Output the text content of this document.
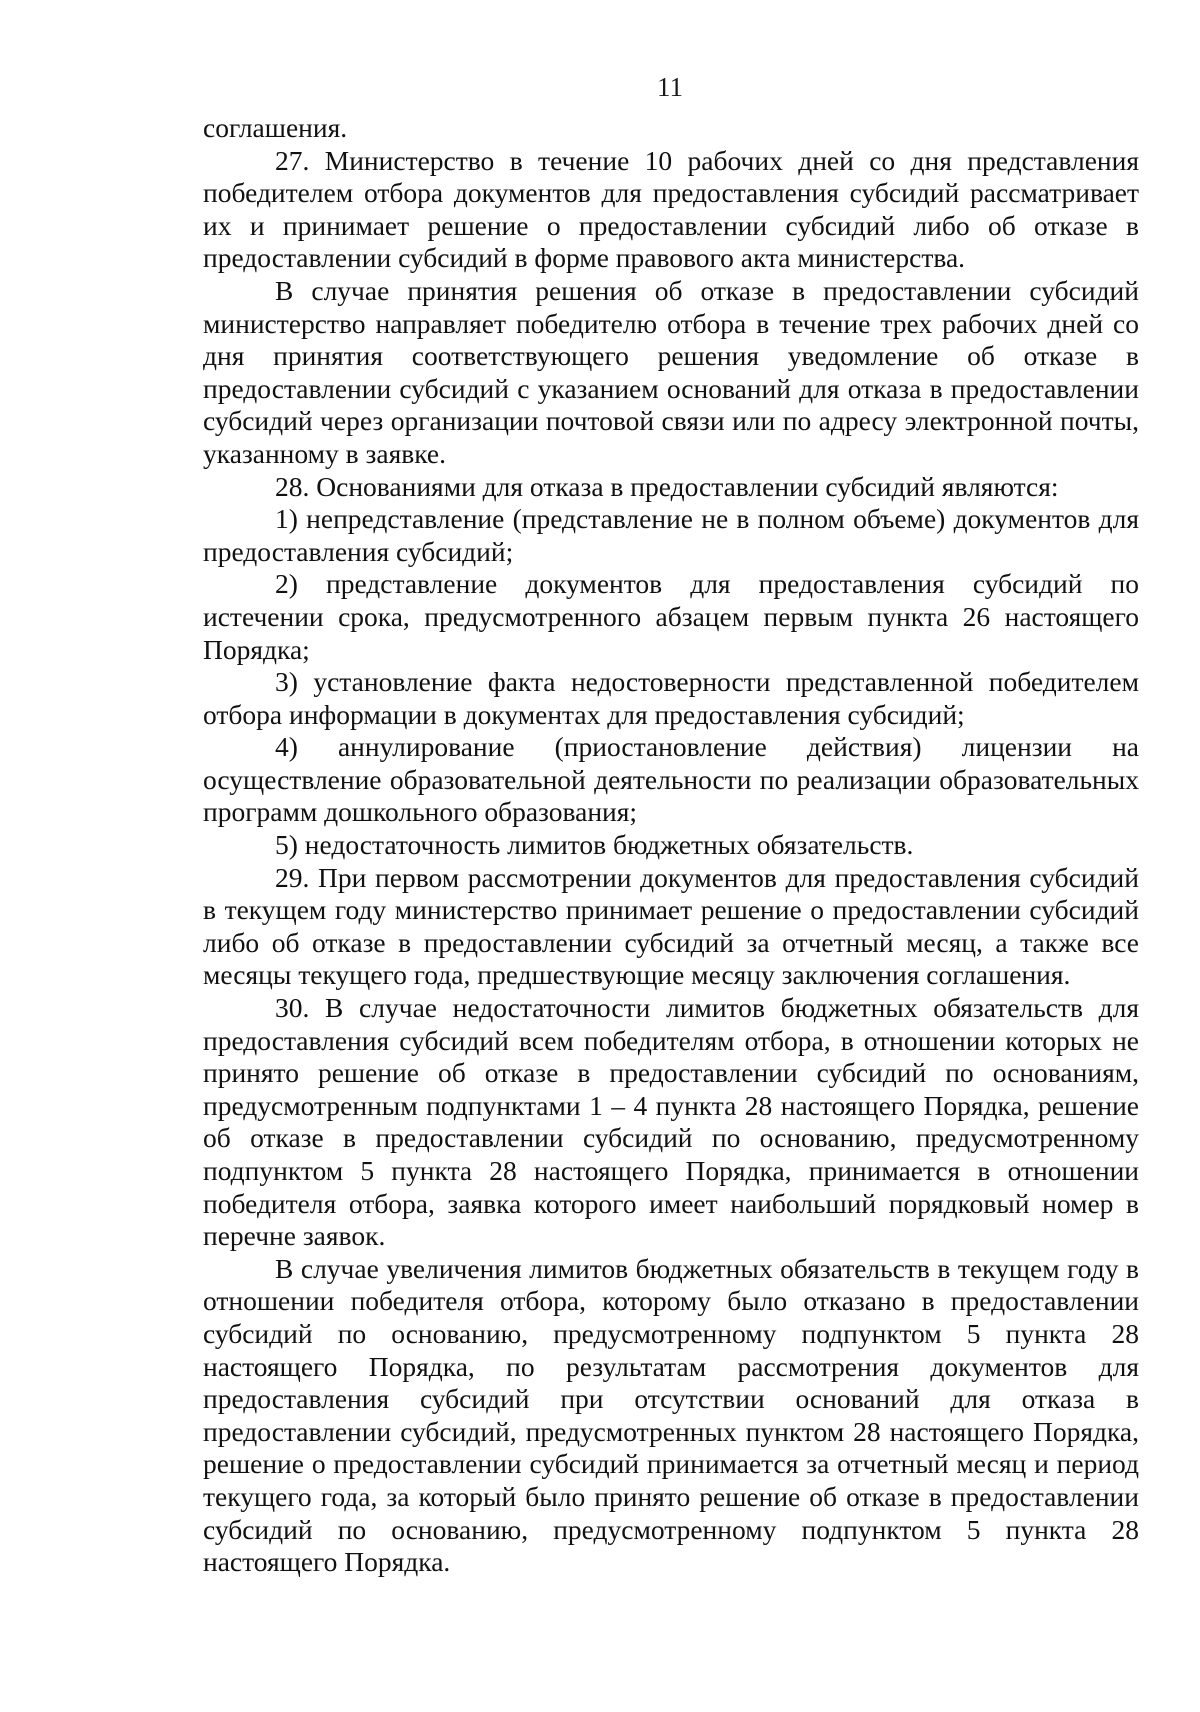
11

соглашения.

27. Министерство в течение 10 рабочих дней со дня представления победителем отбора документов для предоставления субсидий рассматривает их и принимает решение о предоставлении субсидий либо об отказе в предоставлении субсидий в форме правового акта министерства.

В случае принятия решения об отказе в предоставлении субсидий министерство направляет победителю отбора в течение трех рабочих дней со дня принятия соответствующего решения уведомление об отказе в предоставлении субсидий с указанием оснований для отказа в предоставлении субсидий через организации почтовой связи или по адресу электронной почты, указанному в заявке.

28. Основаниями для отказа в предоставлении субсидий являются:

1) непредставление (представление не в полном объеме) документов для предоставления субсидий;

2) представление документов для предоставления субсидий по истечении срока, предусмотренного абзацем первым пункта 26 настоящего Порядка;

3) установление факта недостоверности представленной победителем отбора информации в документах для предоставления субсидий;

4) аннулирование (приостановление действия) лицензии на осуществление образовательной деятельности по реализации образовательных программ дошкольного образования;

5) недостаточность лимитов бюджетных обязательств.

29. При первом рассмотрении документов для предоставления субсидий в текущем году министерство принимает решение о предоставлении субсидий либо об отказе в предоставлении субсидий за отчетный месяц, а также все месяцы текущего года, предшествующие месяцу заключения соглашения.

30. В случае недостаточности лимитов бюджетных обязательств для предоставления субсидий всем победителям отбора, в отношении которых не принято решение об отказе в предоставлении субсидий по основаниям, предусмотренным подпунктами 1 – 4 пункта 28 настоящего Порядка, решение об отказе в предоставлении субсидий по основанию, предусмотренному подпунктом 5 пункта 28 настоящего Порядка, принимается в отношении победителя отбора, заявка которого имеет наибольший порядковый номер в перечне заявок.

В случае увеличения лимитов бюджетных обязательств в текущем году в отношении победителя отбора, которому было отказано в предоставлении субсидий по основанию, предусмотренному подпунктом 5 пункта 28 настоящего Порядка, по результатам рассмотрения документов для предоставления субсидий при отсутствии оснований для отказа в предоставлении субсидий, предусмотренных пунктом 28 настоящего Порядка, решение о предоставлении субсидий принимается за отчетный месяц и период текущего года, за который было принято решение об отказе в предоставлении субсидий по основанию, предусмотренному подпунктом 5 пункта 28 настоящего Порядка.
